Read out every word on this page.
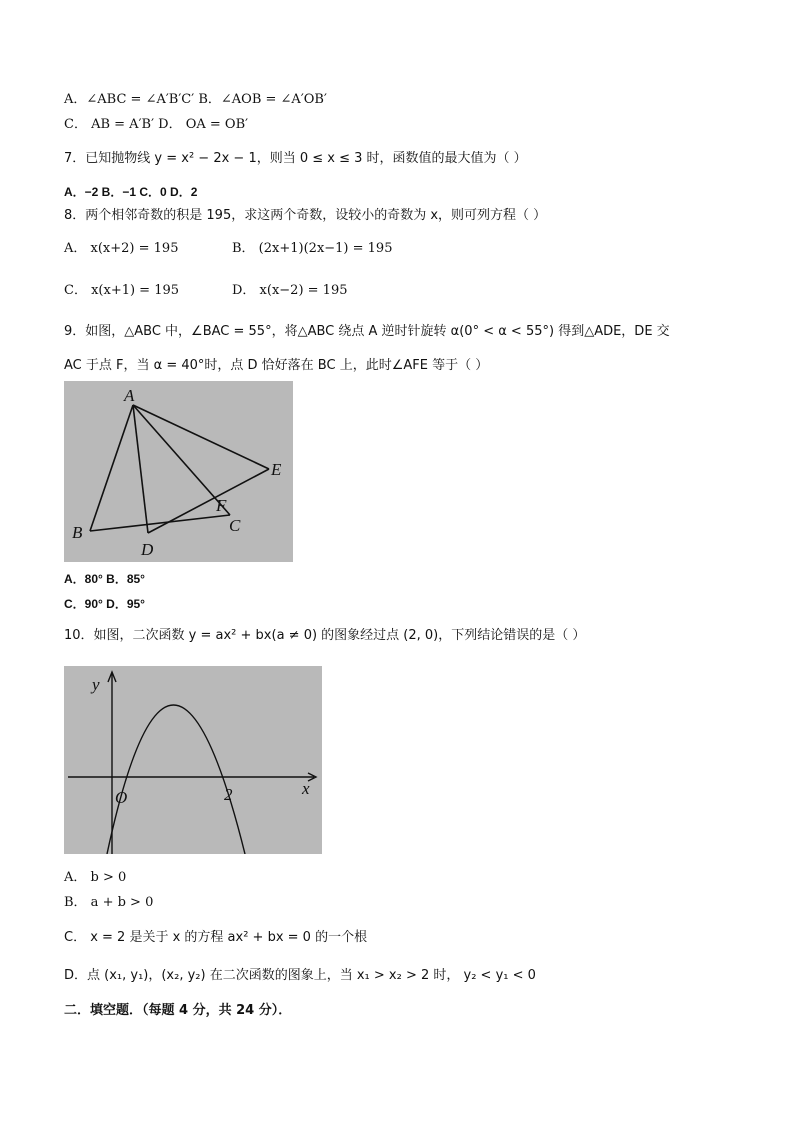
A．∠ABC = ∠A′B′C′ B．∠AOB = ∠A′OB′
C． AB = A′B′ D． OA = OB′
7．已知抛物线 y = x² − 2x − 1，则当 0 ≤ x ≤ 3 时，函数值的最大值为（ ）
A．−2 B．−1 C．0 D．2
8．两个相邻奇数的积是 195，求这两个奇数，设较小的奇数为 x，则可列方程（ ）
A． x(x+2) = 195	B． (2x+1)(2x−1) = 195
C． x(x+1) = 195	D． x(x−2) = 195
9．如图，△ABC 中，∠BAC = 55°，将△ABC 绕点 A 逆时针旋转 α(0° < α < 55°) 得到△ADE，DE 交
AC 于点 F，当 α = 40°时，点 D 恰好落在 BC 上，此时∠AFE 等于（ ）
A
B	C
D
E
F
A．80° B．85°
C．90° D．95°
10．如图，二次函数 y = ax² + bx(a ≠ 0) 的图象经过点 (2, 0)，下列结论错误的是（ ）
y
x
O	2
A． b > 0
B． a + b > 0
C． x = 2 是关于 x 的方程 ax² + bx = 0 的一个根
D．点 (x₁, y₁)，(x₂, y₂) 在二次函数的图象上，当 x₁ > x₂ > 2 时， y₂ < y₁ < 0
二．填空题．（每题 4 分，共 24 分）．
